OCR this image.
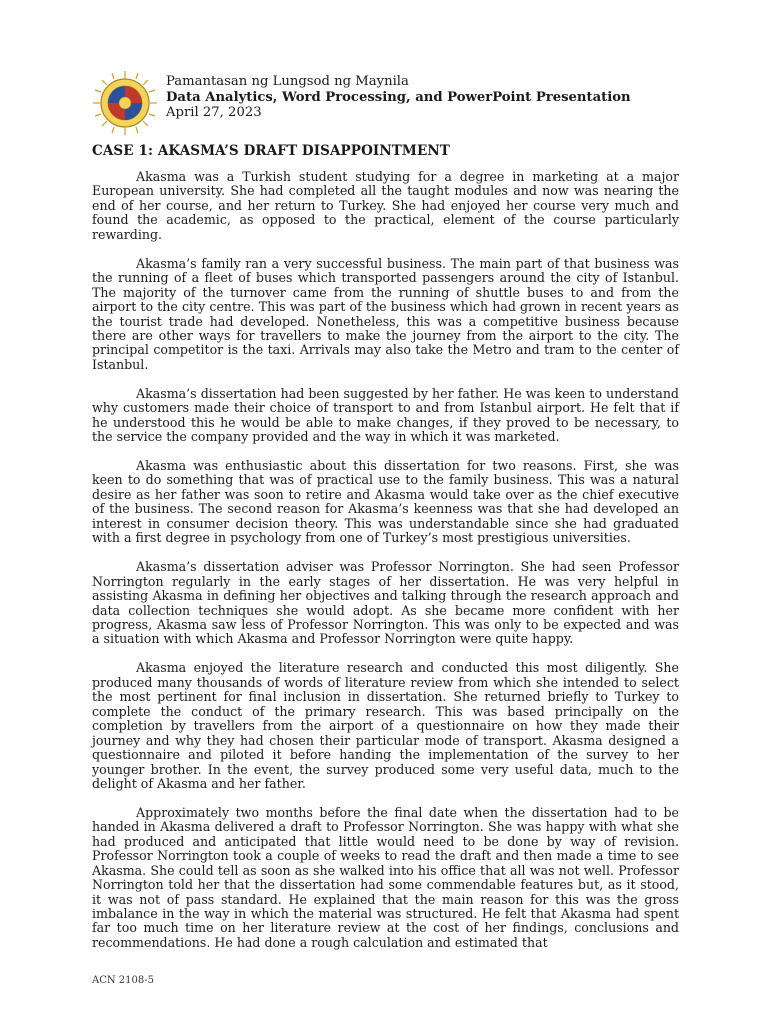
Pamantasan ng Lungsod ng Maynila
Data Analytics, Word Processing, and PowerPoint Presentation
April 27, 2023
CASE 1: AKASMA’S DRAFT DISAPPOINTMENT

Akasma was a Turkish student studying for a degree in marketing at a major European university. She had completed all the taught modules and now was nearing the end of her course, and her return to Turkey. She had enjoyed her course very much and found the academic, as opposed to the practical, element of the course particularly rewarding.

Akasma’s family ran a very successful business. The main part of that business was the running of a fleet of buses which transported passengers around the city of Istanbul. The majority of the turnover came from the running of shuttle buses to and from the airport to the city centre. This was part of the business which had grown in recent years as the tourist trade had developed. Nonetheless, this was a competitive business because there are other ways for travellers to make the journey from the airport to the city. The principal competitor is the taxi. Arrivals may also take the Metro and tram to the center of Istanbul.

Akasma’s dissertation had been suggested by her father. He was keen to understand why customers made their choice of transport to and from Istanbul airport. He felt that if he understood this he would be able to make changes, if they proved to be necessary, to the service the company provided and the way in which it was marketed.

Akasma was enthusiastic about this dissertation for two reasons. First, she was keen to do something that was of practical use to the family business. This was a natural desire as her father was soon to retire and Akasma would take over as the chief executive of the business. The second reason for Akasma’s keenness was that she had developed an interest in consumer decision theory. This was understandable since she had graduated with a first degree in psychology from one of Turkey’s most prestigious universities.

Akasma’s dissertation adviser was Professor Norrington. She had seen Professor Norrington regularly in the early stages of her dissertation. He was very helpful in assisting Akasma in defining her objectives and talking through the research approach and data collection techniques she would adopt. As she became more confident with her progress, Akasma saw less of Professor Norrington. This was only to be expected and was a situation with which Akasma and Professor Norrington were quite happy.

Akasma enjoyed the literature research and conducted this most diligently. She produced many thousands of words of literature review from which she intended to select the most pertinent for final inclusion in dissertation. She returned briefly to Turkey to complete the conduct of the primary research. This was based principally on the completion by travellers from the airport of a questionnaire on how they made their journey and why they had chosen their particular mode of transport. Akasma designed a questionnaire and piloted it before handing the implementation of the survey to her younger brother. In the event, the survey produced some very useful data, much to the delight of Akasma and her father.

Approximately two months before the final date when the dissertation had to be handed in Akasma delivered a draft to Professor Norrington. She was happy with what she had produced and anticipated that little would need to be done by way of revision. Professor Norrington took a couple of weeks to read the draft and then made a time to see Akasma. She could tell as soon as she walked into his office that all was not well. Professor Norrington told her that the dissertation had some commendable features but, as it stood, it was not of pass standard. He explained that the main reason for this was the gross imbalance in the way in which the material was structured. He felt that Akasma had spent far too much time on her literature review at the cost of her findings, conclusions and recommendations. He had done a rough calculation and estimated that

ACN 2108-5
